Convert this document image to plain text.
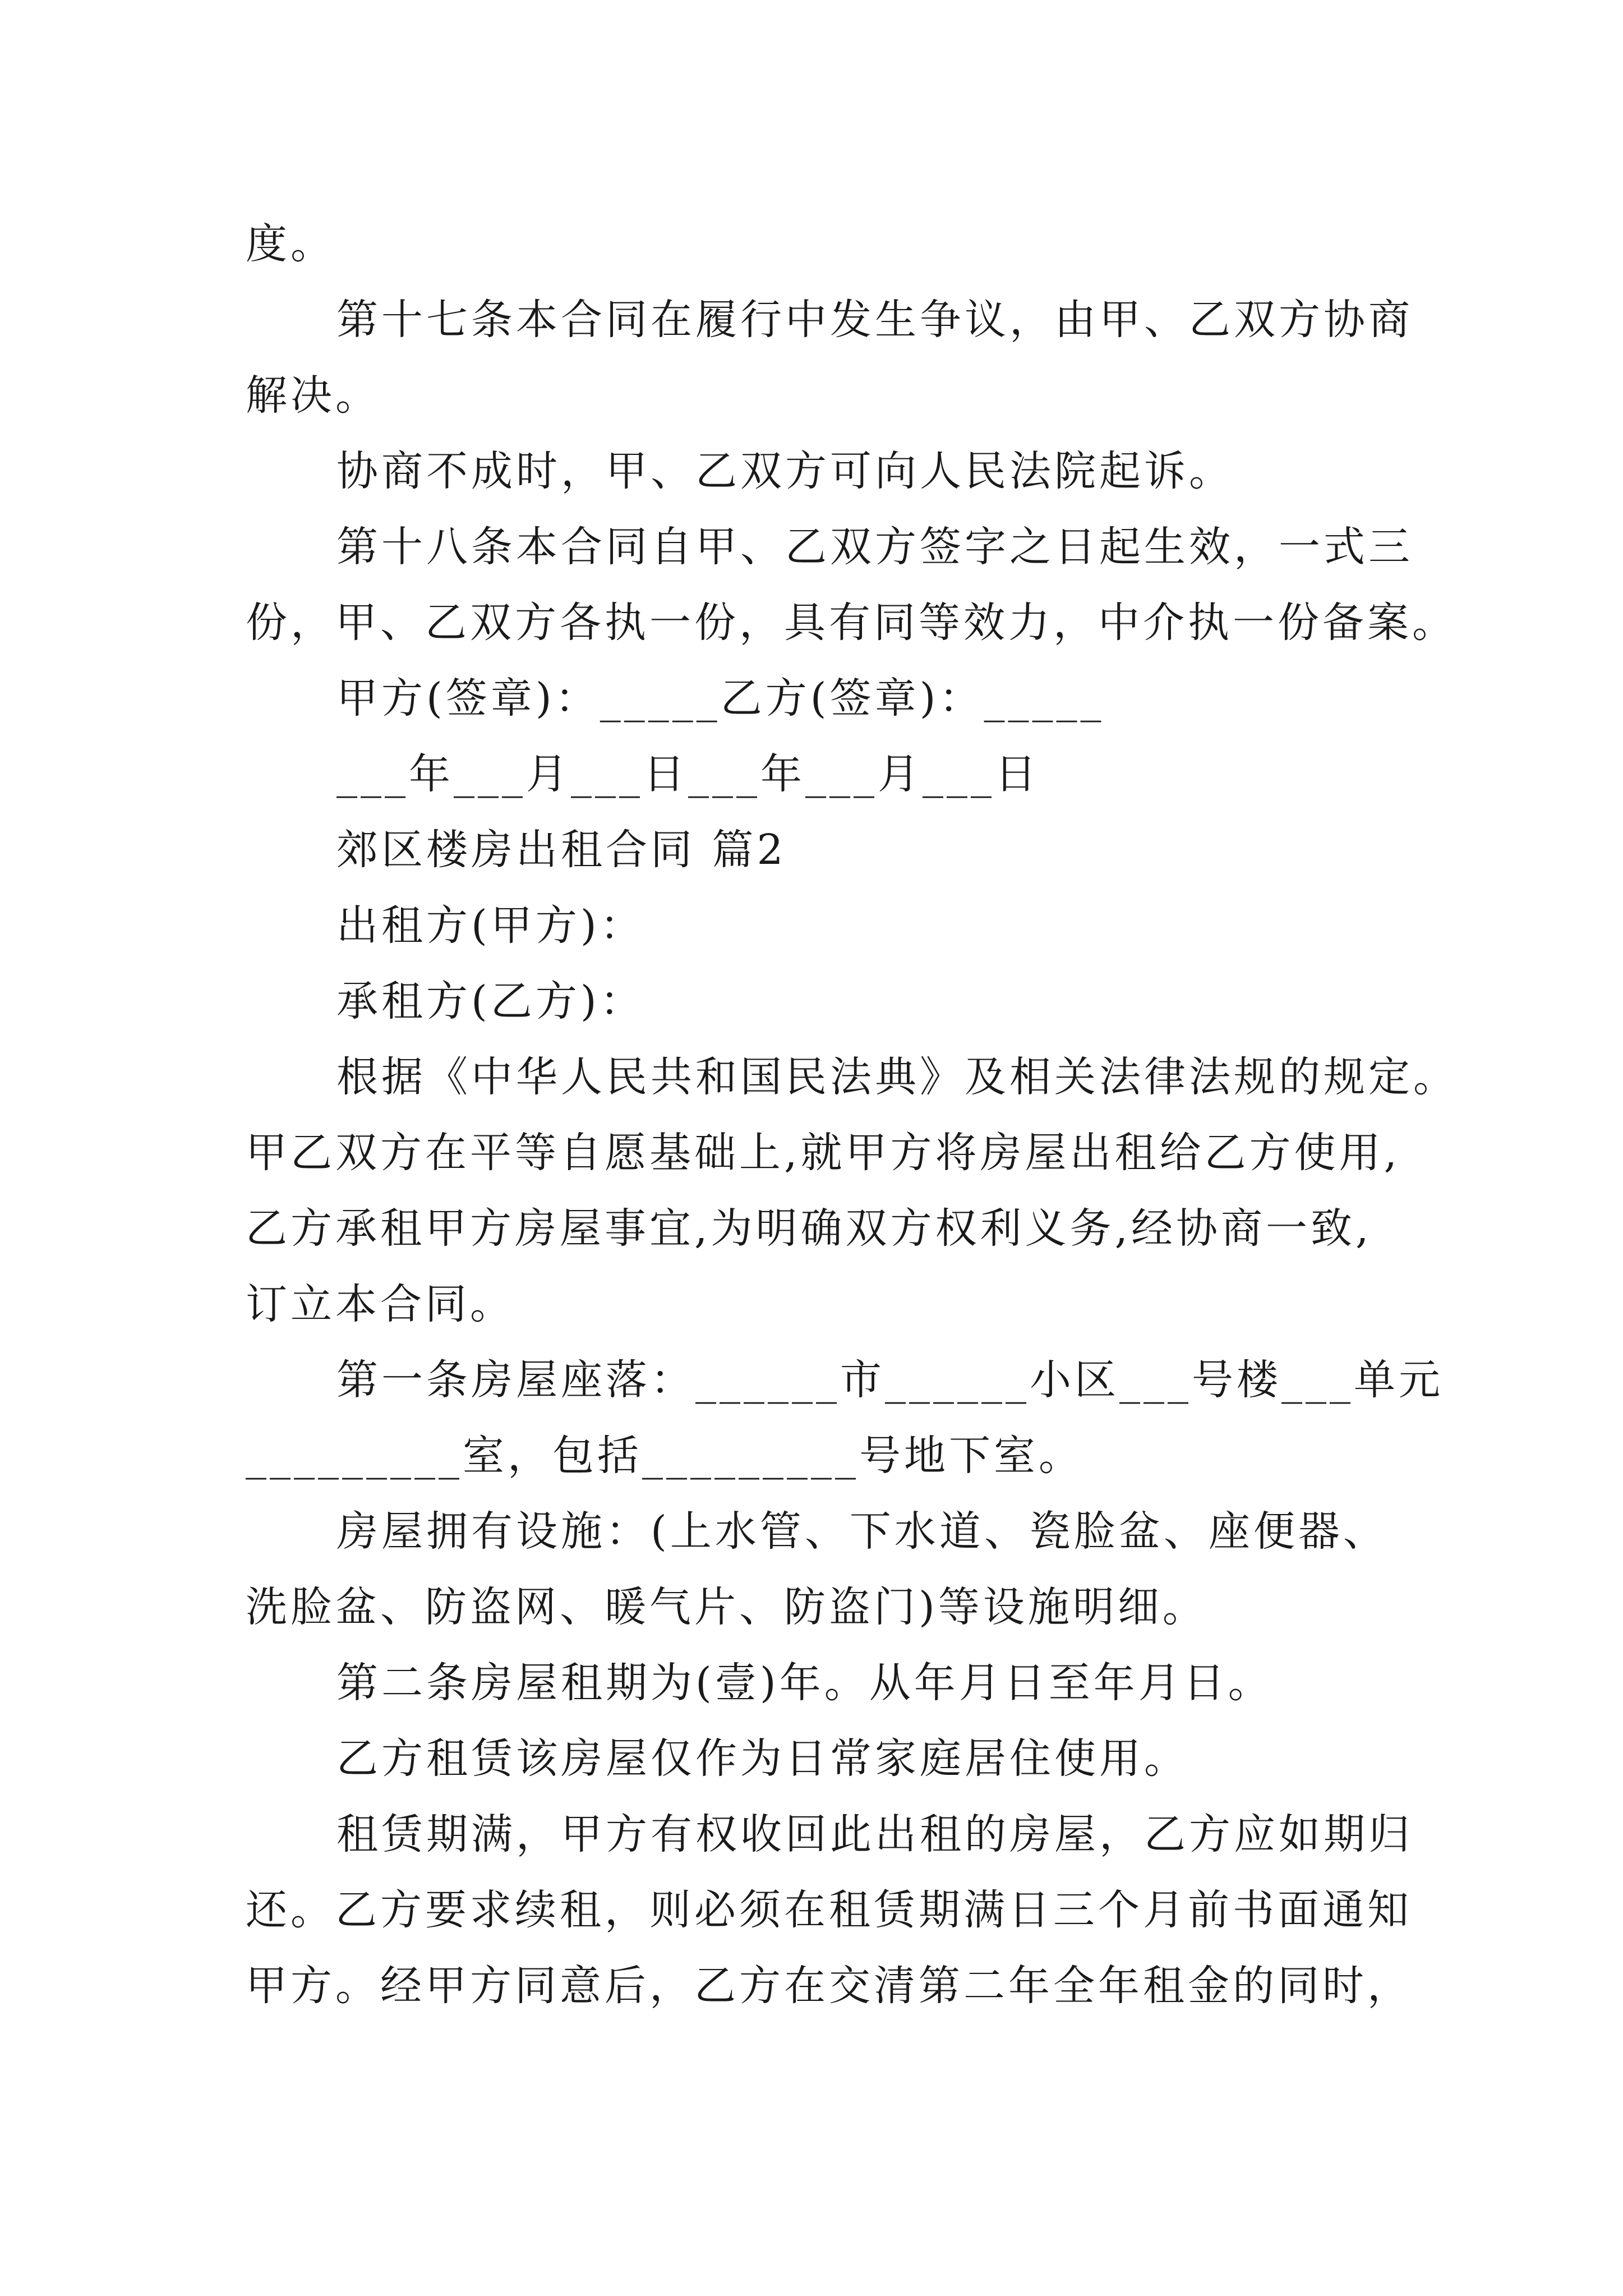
度。
第十七条本合同在履行中发生争议，由甲、乙双方协商
解决。
协商不成时，甲、乙双方可向人民法院起诉。
第十八条本合同自甲、乙双方签字之日起生效，一式三
份，甲、乙双方各执一份，具有同等效力，中介执一份备案。
甲方(签章)：_____乙方(签章)：_____
___年___月___日___年___月___日
郊区楼房出租合同 篇2
出租方(甲方)：
承租方(乙方)：
根据《中华人民共和国民法典》及相关法律法规的规定。
甲乙双方在平等自愿基础上,就甲方将房屋出租给乙方使用,
乙方承租甲方房屋事宜,为明确双方权利义务,经协商一致,
订立本合同。
第一条房屋座落：______市______小区___号楼___单元
_________室，包括_________号地下室。
房屋拥有设施：(上水管、下水道、瓷脸盆、座便器、
洗脸盆、防盗网、暖气片、防盗门)等设施明细。
第二条房屋租期为(壹)年。从年月日至年月日。
乙方租赁该房屋仅作为日常家庭居住使用。
租赁期满，甲方有权收回此出租的房屋，乙方应如期归
还。乙方要求续租，则必须在租赁期满日三个月前书面通知
甲方。经甲方同意后，乙方在交清第二年全年租金的同时，
